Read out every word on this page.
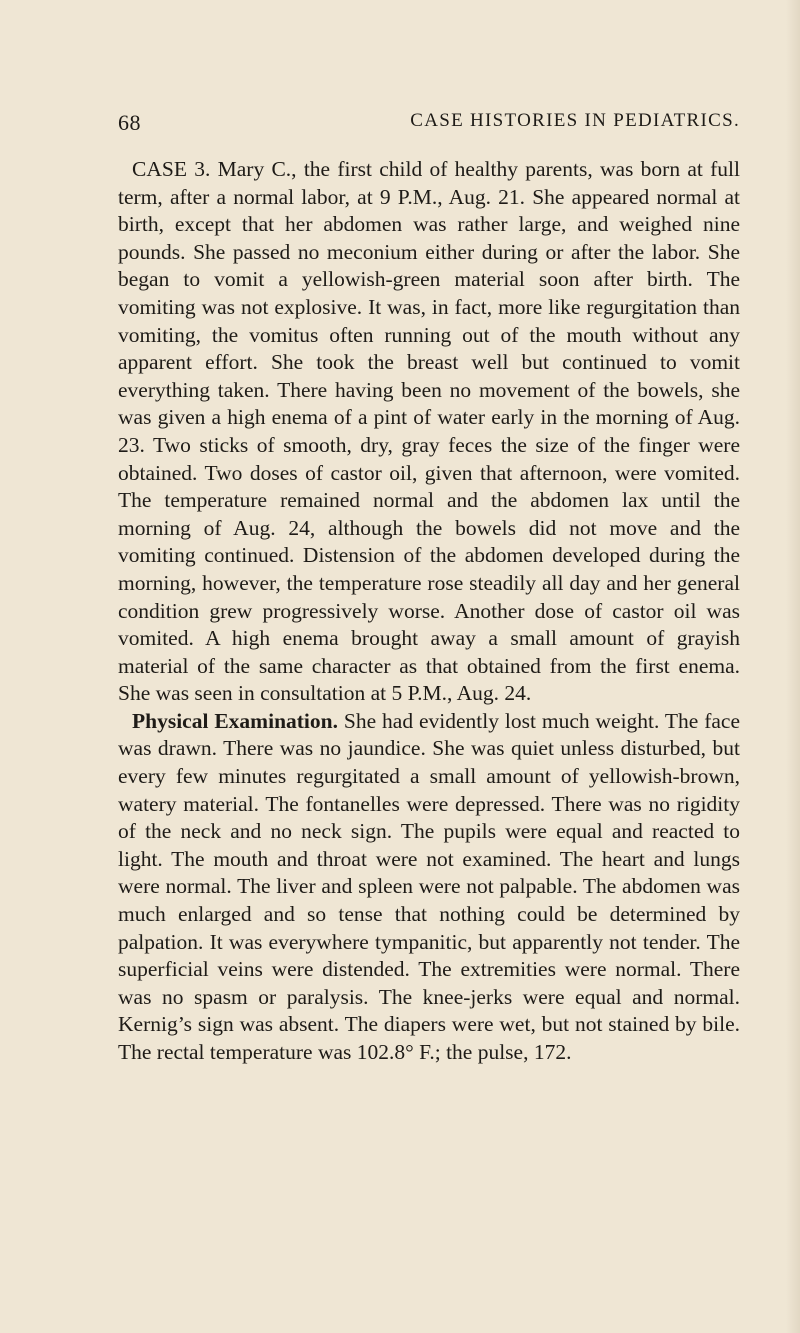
68	CASE HISTORIES IN PEDIATRICS.

CASE 3. Mary C., the first child of healthy parents, was born at full term, after a normal labor, at 9 P.M., Aug. 21. She appeared normal at birth, except that her abdomen was rather large, and weighed nine pounds. She passed no meconium either during or after the labor. She began to vomit a yellowish-green material soon after birth. The vomiting was not explosive. It was, in fact, more like regurgitation than vomiting, the vomitus often running out of the mouth without any apparent effort. She took the breast well but continued to vomit everything taken. There having been no movement of the bowels, she was given a high enema of a pint of water early in the morning of Aug. 23. Two sticks of smooth, dry, gray feces the size of the finger were obtained. Two doses of castor oil, given that afternoon, were vomited. The temperature remained normal and the abdomen lax until the morning of Aug. 24, although the bowels did not move and the vomiting continued. Distension of the abdomen developed during the morning, however, the temperature rose steadily all day and her general condition grew progressively worse. Another dose of castor oil was vomited. A high enema brought away a small amount of grayish material of the same character as that obtained from the first enema. She was seen in consultation at 5 P.M., Aug. 24.

Physical Examination. She had evidently lost much weight. The face was drawn. There was no jaundice. She was quiet unless disturbed, but every few minutes regurgitated a small amount of yellowish-brown, watery material. The fontanelles were depressed. There was no rigidity of the neck and no neck sign. The pupils were equal and reacted to light. The mouth and throat were not examined. The heart and lungs were normal. The liver and spleen were not palpable. The abdomen was much enlarged and so tense that nothing could be determined by palpation. It was everywhere tympanitic, but apparently not tender. The superficial veins were distended. The extremities were normal. There was no spasm or paralysis. The knee-jerks were equal and normal. Kernig’s sign was absent. The diapers were wet, but not stained by bile. The rectal temperature was 102.8° F.; the pulse, 172.
